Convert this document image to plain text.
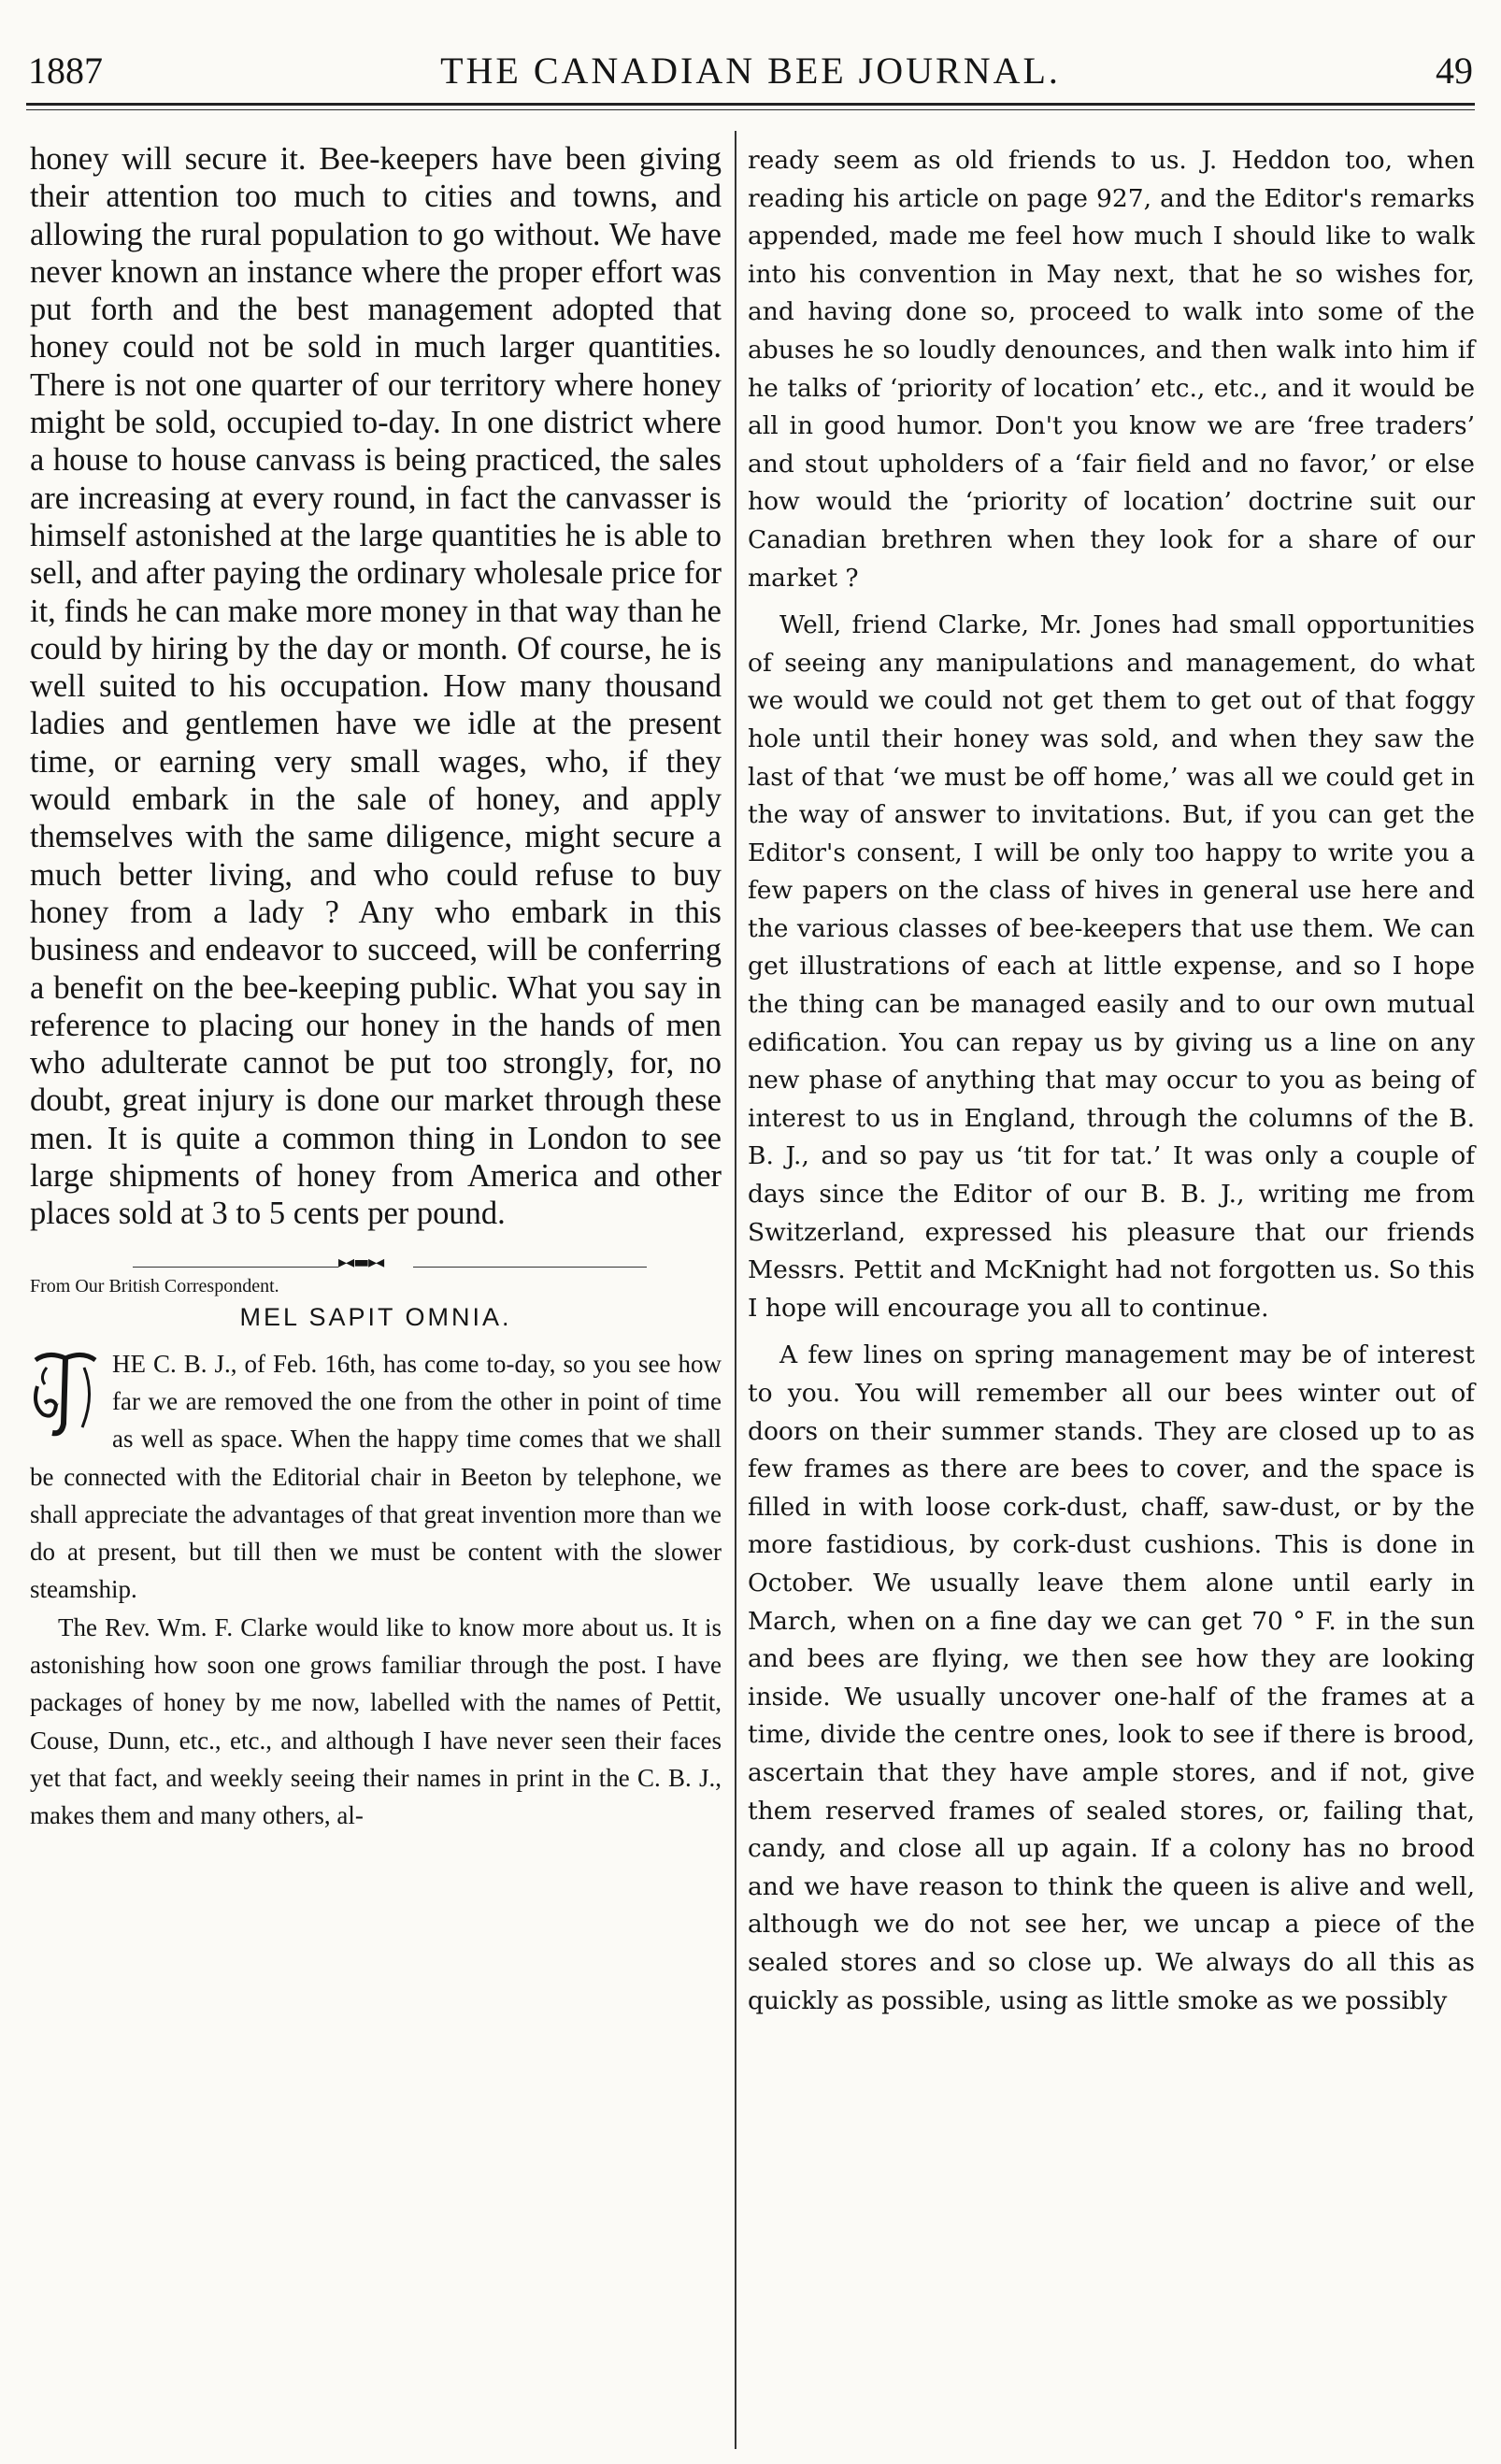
1887	THE CANADIAN BEE JOURNAL.	49

honey will secure it. Bee-keepers have been giving their attention too much to cities and towns, and allowing the rural population to go without. We have never known an instance where the proper effort was put forth and the best management adopted that honey could not be sold in much larger quantities. There is not one quarter of our territory where honey might be sold, occupied to-day. In one district where a house to house canvass is being practiced, the sales are increasing at every round, in fact the canvasser is himself astonished at the large quantities he is able to sell, and after paying the ordinary wholesale price for it, finds he can make more money in that way than he could by hiring by the day or month. Of course, he is well suited to his occupation. How many thousand ladies and gentlemen have we idle at the present time, or earning very small wages, who, if they would embark in the sale of honey, and apply themselves with the same diligence, might secure a much better living, and who could refuse to buy honey from a lady ? Any who embark in this business and endeavor to succeed, will be conferring a benefit on the bee-keeping public. What you say in reference to placing our honey in the hands of men who adulterate cannot be put too strongly, for, no doubt, great injury is done our market through these men. It is quite a common thing in London to see large shipments of honey from America and other places sold at 3 to 5 cents per pound.

▸◂▬▸◂
From Our British Correspondent.
MEL SAPIT OMNIA.
T

HE C. B. J., of Feb. 16th, has come to-day, so you see how far we are removed the one from the other in point of time as well as space. When the happy time comes that we shall be connected with the Editorial chair in Beeton by telephone, we shall appreciate the advantages of that great invention more than we do at present, but till then we must be content with the slower steamship.

The Rev. Wm. F. Clarke would like to know more about us. It is astonishing how soon one grows familiar through the post. I have packages of honey by me now, labelled with the names of Pettit, Couse, Dunn, etc., etc., and although I have never seen their faces yet that fact, and weekly seeing their names in print in the C. B. J., makes them and many others, al-

ready seem as old friends to us. J. Heddon too, when reading his article on page 927, and the Editor's remarks appended, made me feel how much I should like to walk into his convention in May next, that he so wishes for, and having done so, proceed to walk into some of the abuses he so loudly denounces, and then walk into him if he talks of ‘priority of location’ etc., etc., and it would be all in good humor. Don't you know we are ‘free traders’ and stout upholders of a ‘fair field and no favor,’ or else how would the ‘priority of location’ doctrine suit our Canadian brethren when they look for a share of our market ?

Well, friend Clarke, Mr. Jones had small opportunities of seeing any manipulations and management, do what we would we could not get them to get out of that foggy hole until their honey was sold, and when they saw the last of that ‘we must be off home,’ was all we could get in the way of answer to invitations. But, if you can get the Editor's consent, I will be only too happy to write you a few papers on the class of hives in general use here and the various classes of bee-keepers that use them. We can get illustrations of each at little expense, and so I hope the thing can be managed easily and to our own mutual edification. You can repay us by giving us a line on any new phase of anything that may occur to you as being of interest to us in England, through the columns of the B. B. J., and so pay us ‘tit for tat.’ It was only a couple of days since the Editor of our B. B. J., writing me from Switzerland, expressed his pleasure that our friends Messrs. Pettit and McKnight had not forgotten us. So this I hope will encourage you all to continue.

A few lines on spring management may be of interest to you. You will remember all our bees winter out of doors on their summer stands. They are closed up to as few frames as there are bees to cover, and the space is filled in with loose cork-dust, chaff, saw-dust, or by the more fastidious, by cork-dust cushions. This is done in October. We usually leave them alone until early in March, when on a fine day we can get 70 ° F. in the sun and bees are flying, we then see how they are looking inside. We usually uncover one-half of the frames at a time, divide the centre ones, look to see if there is brood, ascertain that they have ample stores, and if not, give them reserved frames of sealed stores, or, failing that, candy, and close all up again. If a colony has no brood and we have reason to think the queen is alive and well, although we do not see her, we uncap a piece of the sealed stores and so close up. We always do all this as quickly as possible, using as little smoke as we possibly
